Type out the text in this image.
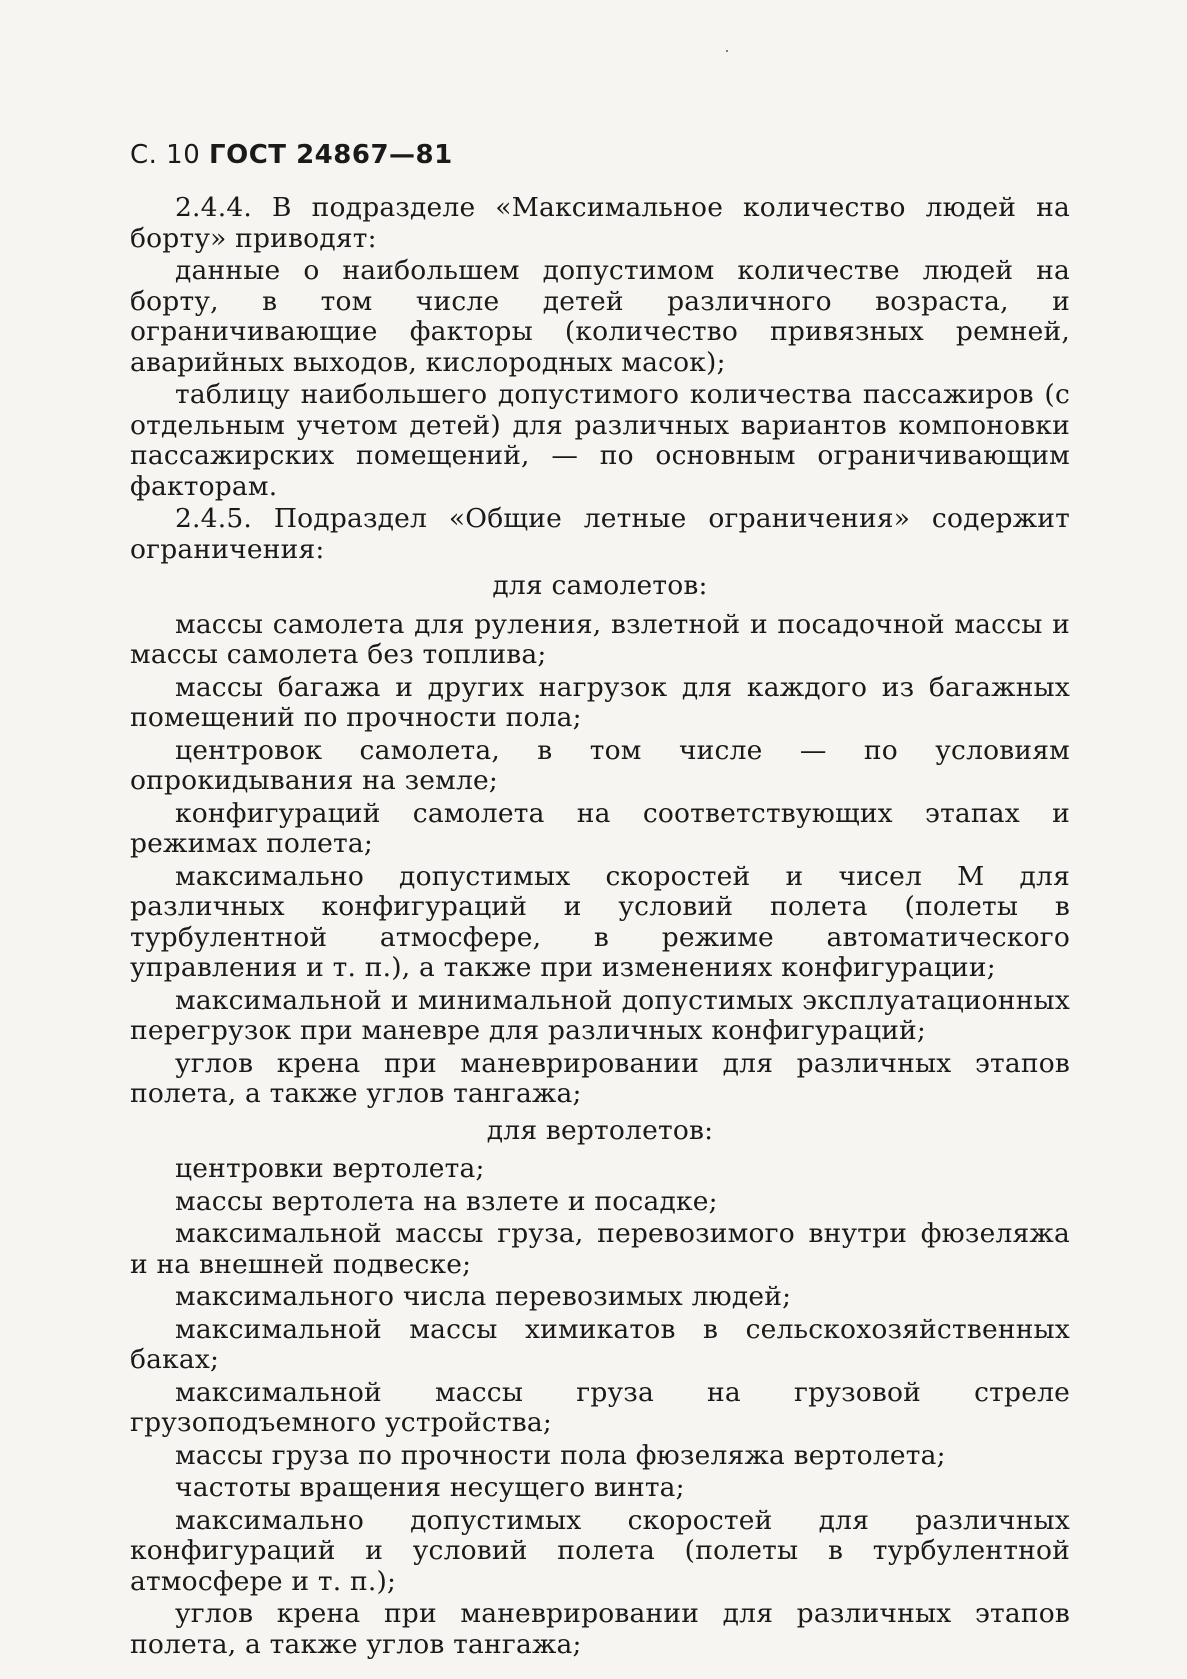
С. 10 ГОСТ 24867—81

2.4.4. В подразделе «Максимальное количество людей на борту» приводят:

данные о наибольшем допустимом количестве людей на борту, в том числе детей различного возраста, и ограничивающие факторы (количество привязных ремней, аварийных выходов, кислородных масок);

таблицу наибольшего допустимого количества пассажиров (с отдельным учетом детей) для различных вариантов компоновки пассажирских помещений, — по основным ограничивающим факторам.

2.4.5. Подраздел «Общие летные ограничения» содержит ограничения:

для самолетов:

массы самолета для руления, взлетной и посадочной массы и массы самолета без топлива;

массы багажа и других нагрузок для каждого из багажных помещений по прочности пола;

центровок самолета, в том числе — по условиям опрокидывания на земле;

конфигураций самолета на соответствующих этапах и режимах полета;

максимально допустимых скоростей и чисел М для различных конфигураций и условий полета (полеты в турбулентной атмосфере, в режиме автоматического управления и т. п.), а также при изменениях конфигурации;

максимальной и минимальной допустимых эксплуатационных перегрузок при маневре для различных конфигураций;

углов крена при маневрировании для различных этапов полета, а также углов тангажа;

для вертолетов:

центровки вертолета;

массы вертолета на взлете и посадке;

максимальной массы груза, перевозимого внутри фюзеляжа и на внешней подвеске;

максимального числа перевозимых людей;

максимальной массы химикатов в сельскохозяйственных баках;

максимальной массы груза на грузовой стреле грузоподъемного устройства;

массы груза по прочности пола фюзеляжа вертолета;

частоты вращения несущего винта;

максимально допустимых скоростей для различных конфигураций и условий полета (полеты в турбулентной атмосфере и т. п.);

углов крена при маневрировании для различных этапов полета, а также углов тангажа;
